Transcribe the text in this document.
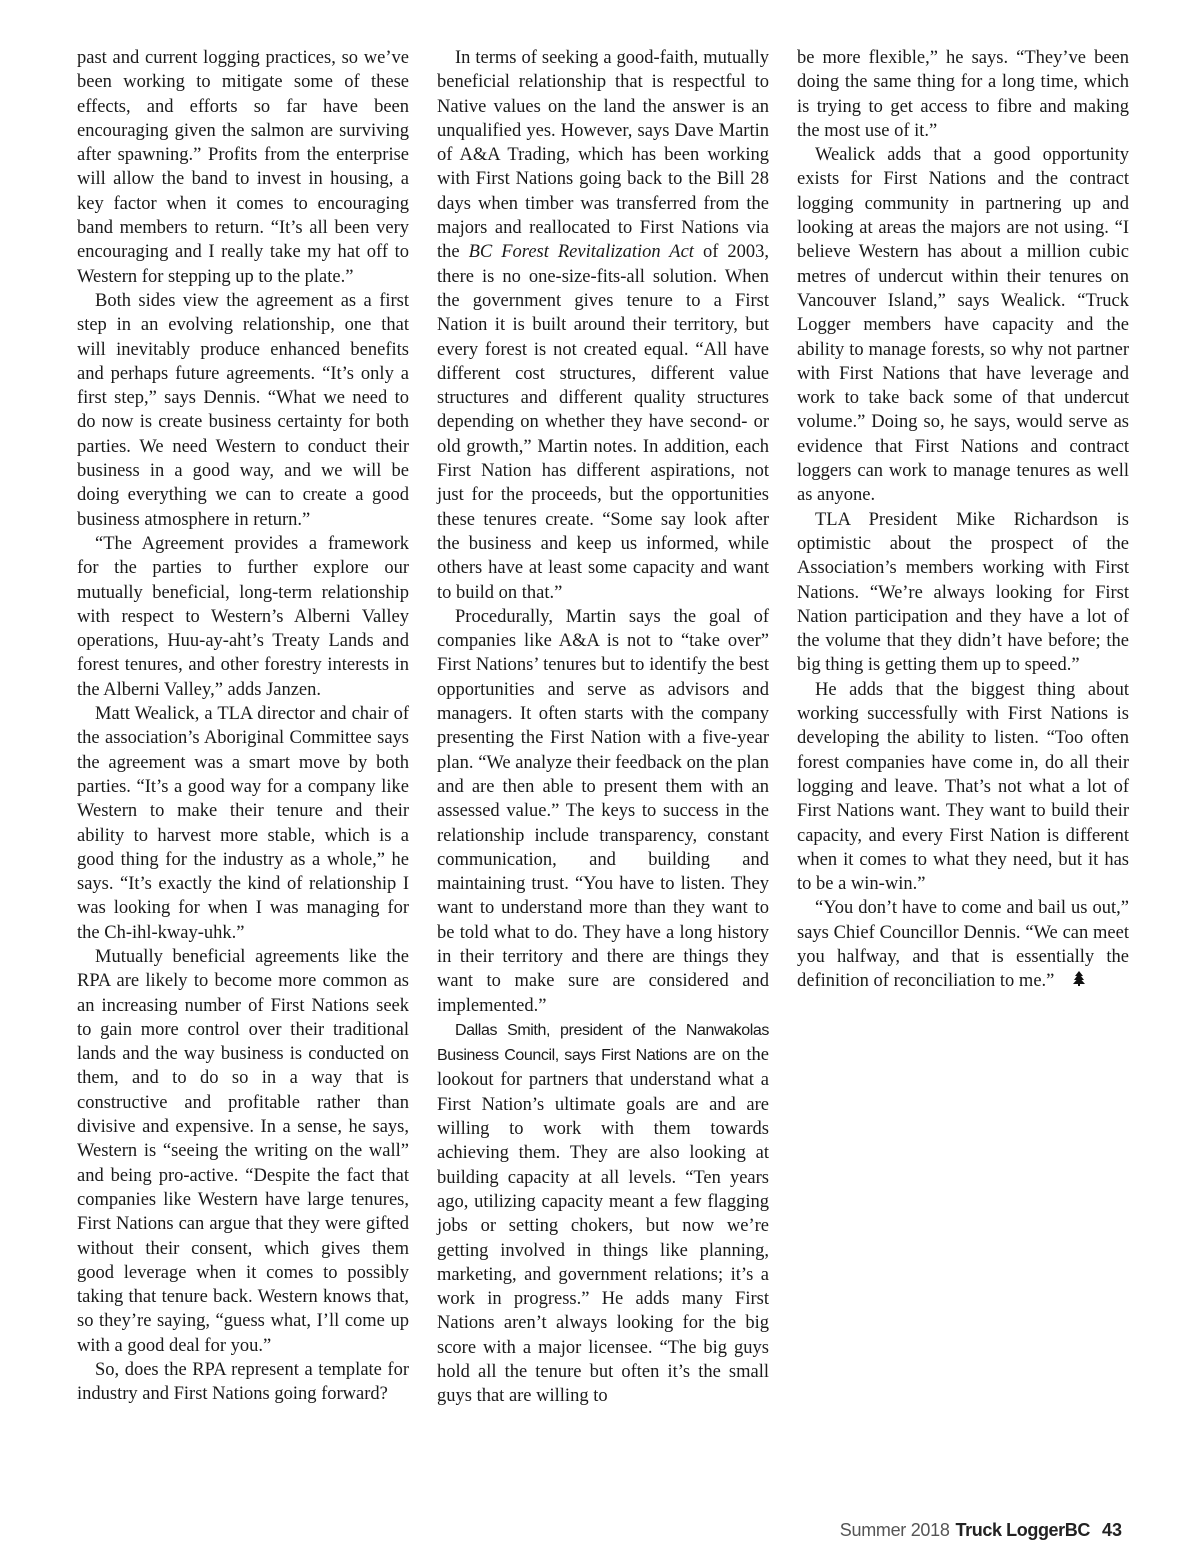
past and current logging practices, so we’ve been working to mitigate some of these effects, and efforts so far have been encouraging given the salmon are surviving after spawning.” Profits from the enterprise will allow the band to invest in housing, a key factor when it comes to encouraging band members to return. “It’s all been very encouraging and I really take my hat off to Western for stepping up to the plate.”

Both sides view the agreement as a first step in an evolving relationship, one that will inevitably produce enhanced benefits and perhaps future agreements. “It’s only a first step,” says Dennis. “What we need to do now is create business certainty for both parties. We need Western to conduct their business in a good way, and we will be doing everything we can to create a good business atmosphere in return.”

“The Agreement provides a framework for the parties to further explore our mutually beneficial, long-term relationship with respect to Western’s Alberni Valley operations, Huu-ay-aht’s Treaty Lands and forest tenures, and other forestry interests in the Alberni Valley,” adds Janzen.

Matt Wealick, a TLA director and chair of the association’s Aboriginal Committee says the agreement was a smart move by both parties. “It’s a good way for a company like Western to make their tenure and their ability to harvest more stable, which is a good thing for the industry as a whole,” he says. “It’s exactly the kind of relationship I was looking for when I was managing for the Ch-ihl-kway-uhk.”

Mutually beneficial agreements like the RPA are likely to become more common as an increasing number of First Nations seek to gain more control over their traditional lands and the way business is conducted on them, and to do so in a way that is constructive and profitable rather than divisive and expensive. In a sense, he says, Western is “seeing the writing on the wall” and being pro-active. “Despite the fact that companies like Western have large tenures, First Nations can argue that they were gifted without their consent, which gives them good leverage when it comes to possibly taking that tenure back. Western knows that, so they’re saying, “guess what, I’ll come up with a good deal for you.”

So, does the RPA represent a template for industry and First Nations going forward?

In terms of seeking a good-faith, mutually beneficial relationship that is respectful to Native values on the land the answer is an unqualified yes. However, says Dave Martin of A&A Trading, which has been working with First Nations going back to the Bill 28 days when timber was transferred from the majors and reallocated to First Nations via the BC Forest Revitalization Act of 2003, there is no one-size-fits-all solution. When the government gives tenure to a First Nation it is built around their territory, but every forest is not created equal. “All have different cost structures, different value structures and different quality structures depending on whether they have second- or old growth,” Martin notes. In addition, each First Nation has different aspirations, not just for the proceeds, but the opportunities these tenures create. “Some say look after the business and keep us informed, while others have at least some capacity and want to build on that.”

Procedurally, Martin says the goal of companies like A&A is not to “take over” First Nations’ tenures but to identify the best opportunities and serve as advisors and managers. It often starts with the company presenting the First Nation with a five-year plan. “We analyze their feedback on the plan and are then able to present them with an assessed value.” The keys to success in the relationship include transparency, constant communication, and building and maintaining trust. “You have to listen. They want to understand more than they want to be told what to do. They have a long history in their territory and there are things they want to make sure are considered and implemented.”

Dallas Smith, president of the Nanwakolas Business Council, says First Nations are on the lookout for partners that understand what a First Nation’s ultimate goals are and are willing to work with them towards achieving them. They are also looking at building capacity at all levels. “Ten years ago, utilizing capacity meant a few flagging jobs or setting chokers, but now we’re getting involved in things like planning, marketing, and government relations; it’s a work in progress.” He adds many First Nations aren’t always looking for the big score with a major licensee. “The big guys hold all the tenure but often it’s the small guys that are willing to

be more flexible,” he says. “They’ve been doing the same thing for a long time, which is trying to get access to fibre and making the most use of it.”

Wealick adds that a good opportunity exists for First Nations and the contract logging community in partnering up and looking at areas the majors are not using. “I believe Western has about a million cubic metres of undercut within their tenures on Vancouver Island,” says Wealick. “Truck Logger members have capacity and the ability to manage forests, so why not partner with First Nations that have leverage and work to take back some of that undercut volume.” Doing so, he says, would serve as evidence that First Nations and contract loggers can work to manage tenures as well as anyone.

TLA President Mike Richardson is optimistic about the prospect of the Association’s members working with First Nations. “We’re always looking for First Nation participation and they have a lot of the volume that they didn’t have before; the big thing is getting them up to speed.”

He adds that the biggest thing about working successfully with First Nations is developing the ability to listen. “Too often forest companies have come in, do all their logging and leave. That’s not what a lot of First Nations want. They want to build their capacity, and every First Nation is different when it comes to what they need, but it has to be a win-win.”

“You don’t have to come and bail us out,” says Chief Councillor Dennis. “We can meet you halfway, and that is essentially the definition of reconciliation to me.”

Summer 2018 Truck LoggerBC 43
